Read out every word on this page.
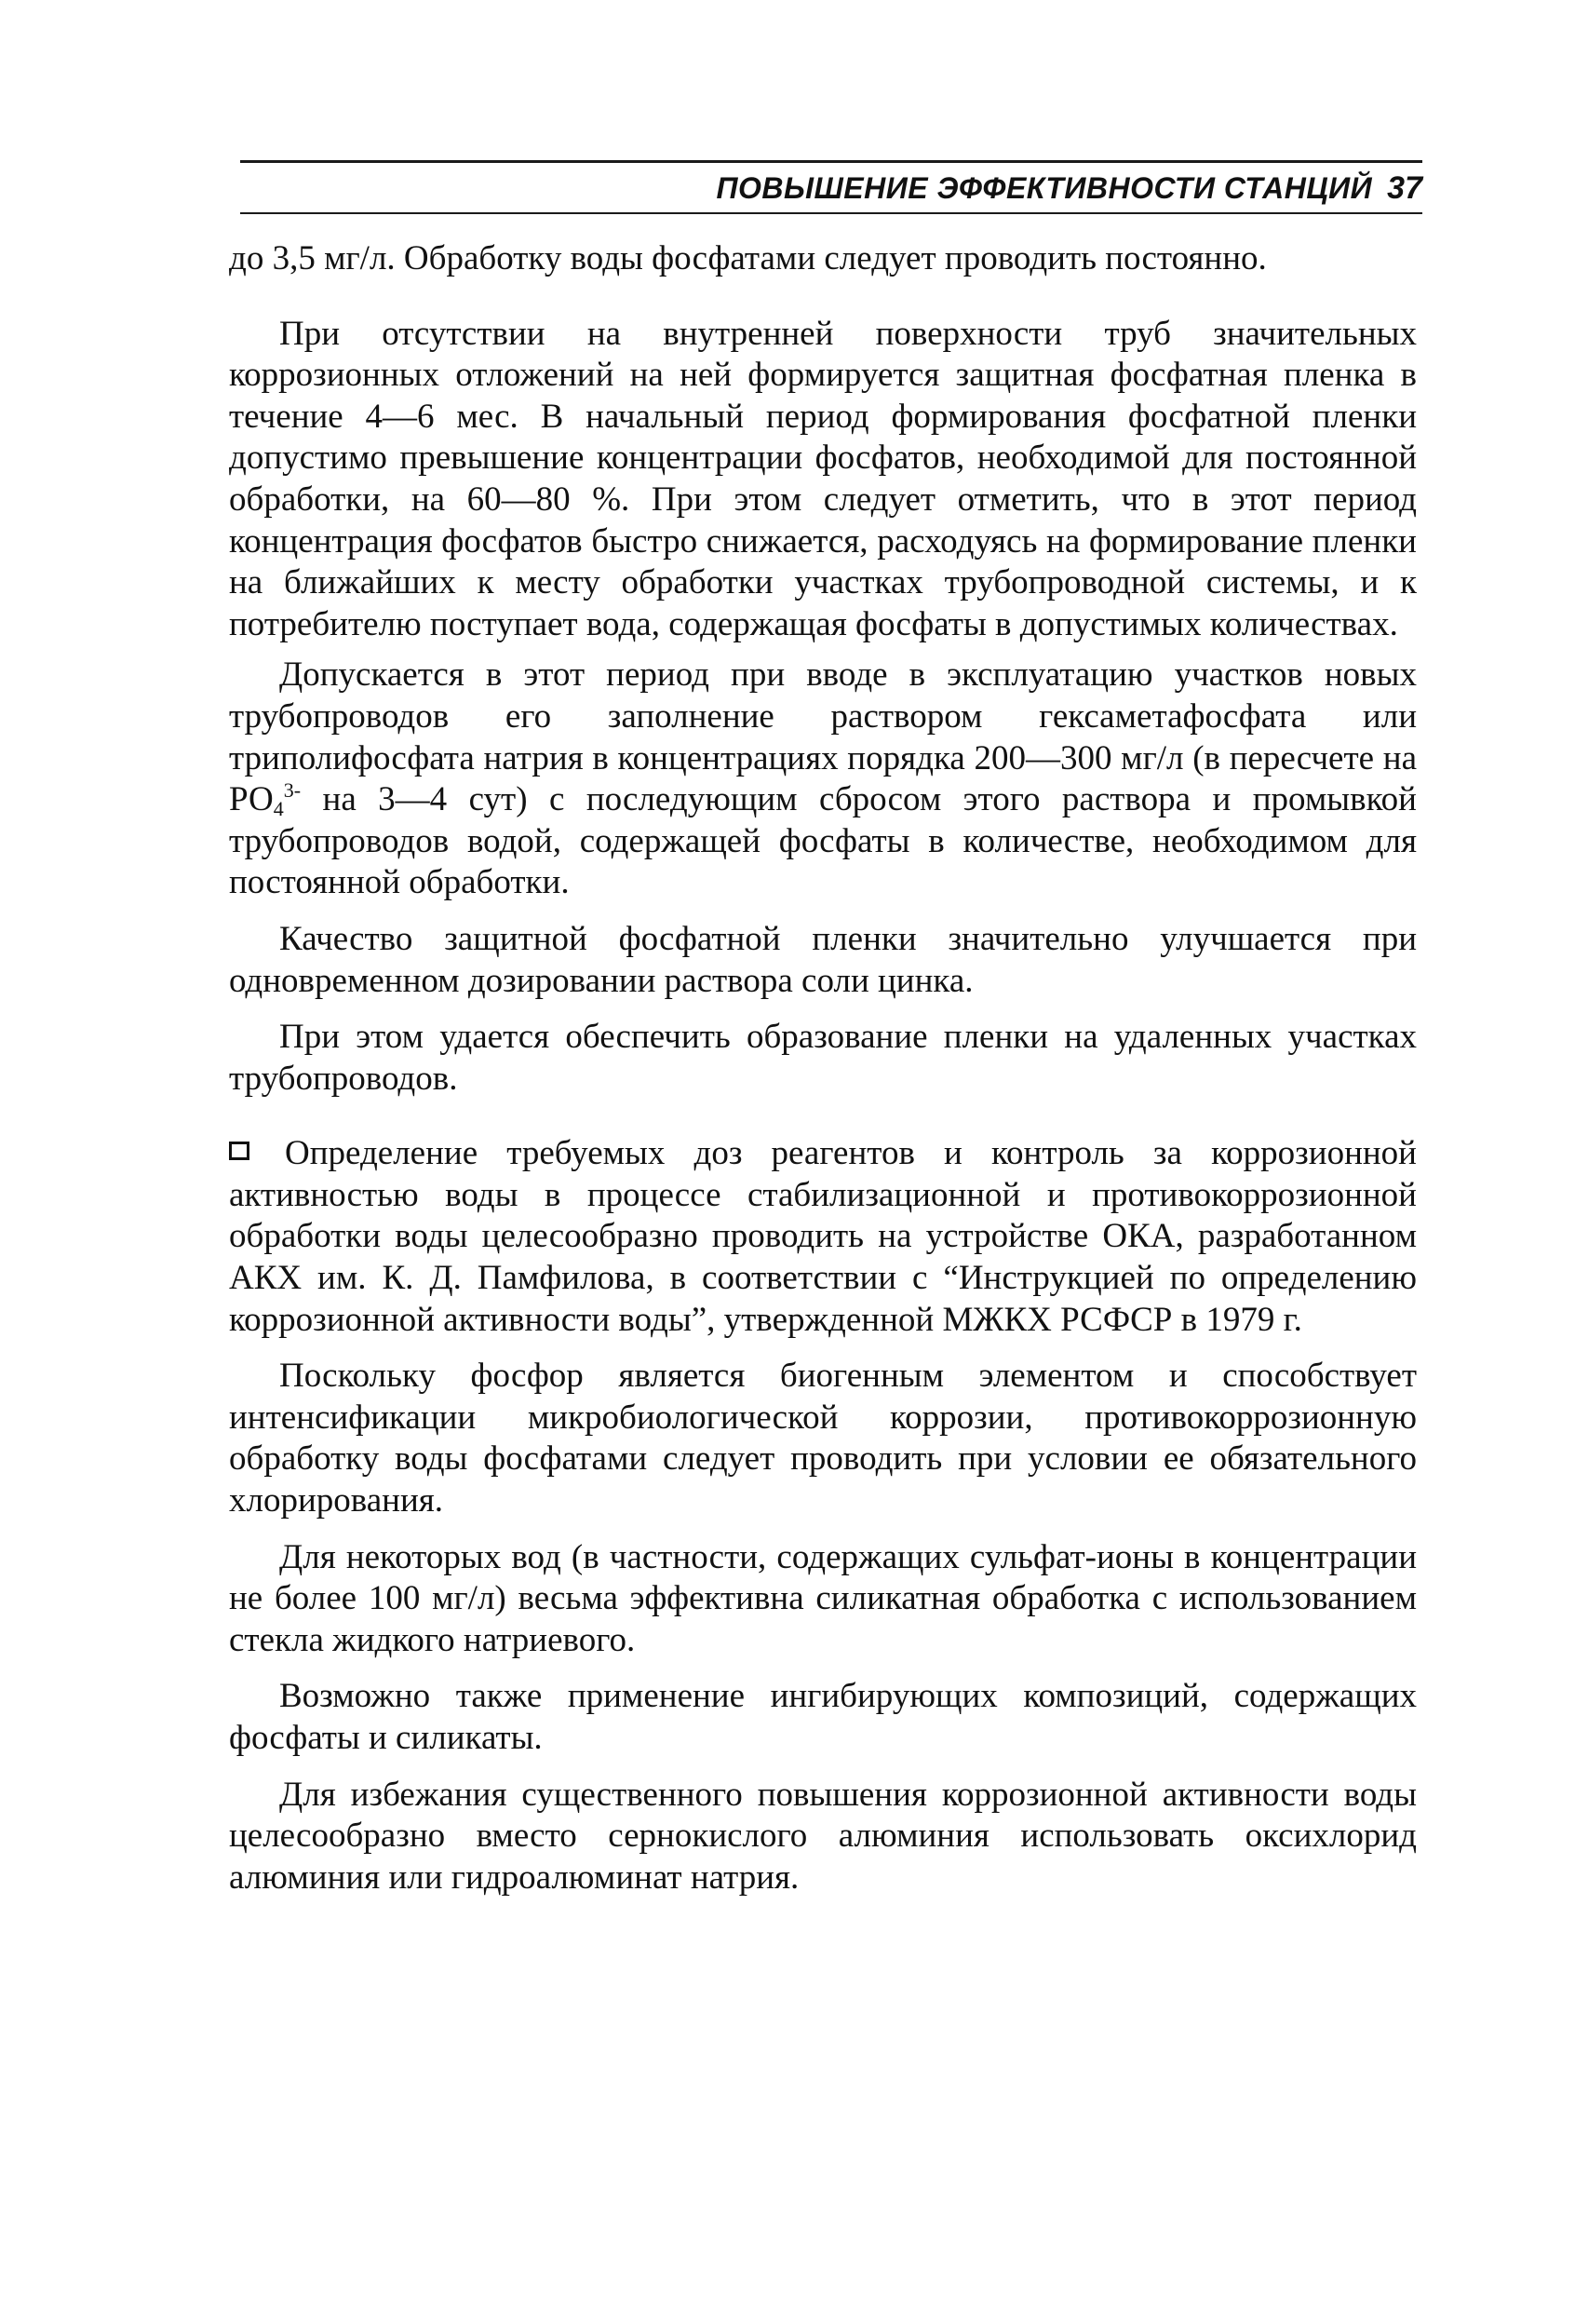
ПОВЫШЕНИЕ ЭФФЕКТИВНОСТИ СТАНЦИЙ 37

до 3,5 мг/л. Обработку воды фосфатами следует проводить постоянно.

При отсутствии на внутренней поверхности труб значительных коррозионных отложений на ней формируется защитная фосфатная пленка в течение 4—6 мес. В начальный период формирования фосфатной пленки допустимо превышение концентрации фосфатов, необходимой для постоянной обработки, на 60—80 %. При этом следует отметить, что в этот период концентрация фосфатов быстро снижается, расходуясь на формирование пленки на ближайших к месту обработки участках трубопроводной системы, и к потребителю поступает вода, содержащая фосфаты в допустимых количествах.

Допускается в этот период при вводе в эксплуатацию участков новых трубопроводов его заполнение раствором гексаметафосфата или триполифосфата натрия в концентрациях порядка 200—300 мг/л (в пересчете на $РО_4^{3-}$ на 3—4 сут) с последующим сбросом этого раствора и промывкой трубопроводов водой, содержащей фосфаты в количестве, необходимом для постоянной обработки.

Качество защитной фосфатной пленки значительно улучшается при одновременном дозировании раствора соли цинка.

При этом удается обеспечить образование пленки на удаленных участках трубопроводов.

Определение требуемых доз реагентов и контроль за коррозионной активностью воды в процессе стабилизационной и противокоррозионной обработки воды целесообразно проводить на устройстве ОКА, разработанном АКХ им. К. Д. Памфилова, в соответствии с “Инструкцией по определению коррозионной активности воды”, утвержденной МЖКХ РСФСР в 1979 г.

Поскольку фосфор является биогенным элементом и способствует интенсификации микробиологической коррозии, противокоррозионную обработку воды фосфатами следует проводить при условии ее обязательного хлорирования.

Для некоторых вод (в частности, содержащих сульфат-ионы в концентрации не более 100 мг/л) весьма эффективна силикатная обработка с использованием стекла жидкого натриевого.

Возможно также применение ингибирующих композиций, содержащих фосфаты и силикаты.

Для избежания существенного повышения коррозионной активности воды целесообразно вместо сернокислого алюминия использовать оксихлорид алюминия или гидроалюминат натрия.
